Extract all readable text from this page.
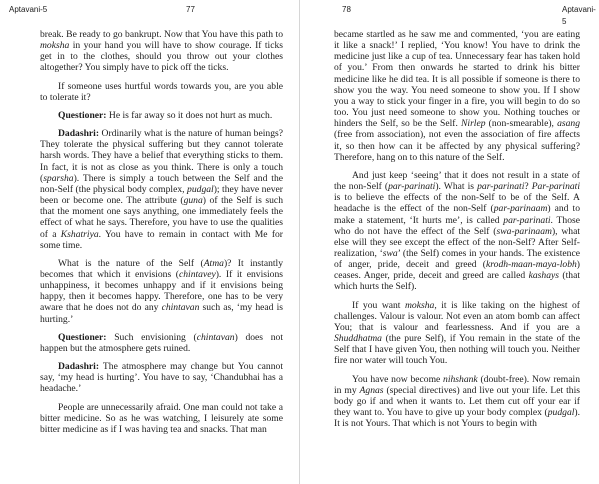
Aptavani-5	77

break. Be ready to go bankrupt. Now that You have this path to moksha in your hand you will have to show courage. If ticks get in to the clothes, should you throw out your clothes altogether? You simply have to pick off the ticks.

If someone uses hurtful words towards you, are you able to tolerate it?

Questioner: He is far away so it does not hurt as much.

Dadashri: Ordinarily what is the nature of human beings? They tolerate the physical suffering but they cannot tolerate harsh words. They have a belief that everything sticks to them. In fact, it is not as close as you think. There is only a touch (sparsha). There is simply a touch between the Self and the non-Self (the physical body complex, pudgal); they have never been or become one. The attribute (guna) of the Self is such that the moment one says anything, one immediately feels the effect of what he says. Therefore, you have to use the qualities of a Kshatriya. You have to remain in contact with Me for some time.

What is the nature of the Self (Atma)? It instantly becomes that which it envisions (chintavey). If it envisions unhappiness, it becomes unhappy and if it envisions being happy, then it becomes happy. Therefore, one has to be very aware that he does not do any chintavan such as, ‘my head is hurting.’

Questioner: Such envisioning (chintavan) does not happen but the atmosphere gets ruined.

Dadashri: The atmosphere may change but You cannot say, ‘my head is hurting’. You have to say, ‘Chandubhai has a headache.’

People are unnecessarily afraid. One man could not take a bitter medicine. So as he was watching, I leisurely ate some bitter medicine as if I was having tea and snacks. That man

78	Aptavani-5

became startled as he saw me and commented, ‘you are eating it like a snack!’ I replied, ‘You know! You have to drink the medicine just like a cup of tea. Unnecessary fear has taken hold of you.’ From then onwards he started to drink his bitter medicine like he did tea. It is all possible if someone is there to show you the way. You need someone to show you. If I show you a way to stick your finger in a fire, you will begin to do so too. You just need someone to show you. Nothing touches or hinders the Self, so be the Self. Nirlep (non-smearable), asang (free from association), not even the association of fire affects it, so then how can it be affected by any physical suffering? Therefore, hang on to this nature of the Self.

And just keep ‘seeing’ that it does not result in a state of the non-Self (par-parinati). What is par-parinati? Par-parinati is to believe the effects of the non-Self to be of the Self. A headache is the effect of the non-Self (par-parinaam) and to make a statement, ‘It hurts me’, is called par-parinati. Those who do not have the effect of the Self (swa-parinaam), what else will they see except the effect of the non-Self? After Self-realization, ‘swa’ (the Self) comes in your hands. The existence of anger, pride, deceit and greed (krodh-maan-maya-lobh) ceases. Anger, pride, deceit and greed are called kashays (that which hurts the Self).

If you want moksha, it is like taking on the highest of challenges. Valour is valour. Not even an atom bomb can affect You; that is valour and fearlessness. And if you are a Shuddhatma (the pure Self), if You remain in the state of the Self that I have given You, then nothing will touch you. Neither fire nor water will touch You.

You have now become nihshank (doubt-free). Now remain in my Agnas (special directives) and live out your life. Let this body go if and when it wants to. Let them cut off your ear if they want to. You have to give up your body complex (pudgal). It is not Yours. That which is not Yours to begin with
